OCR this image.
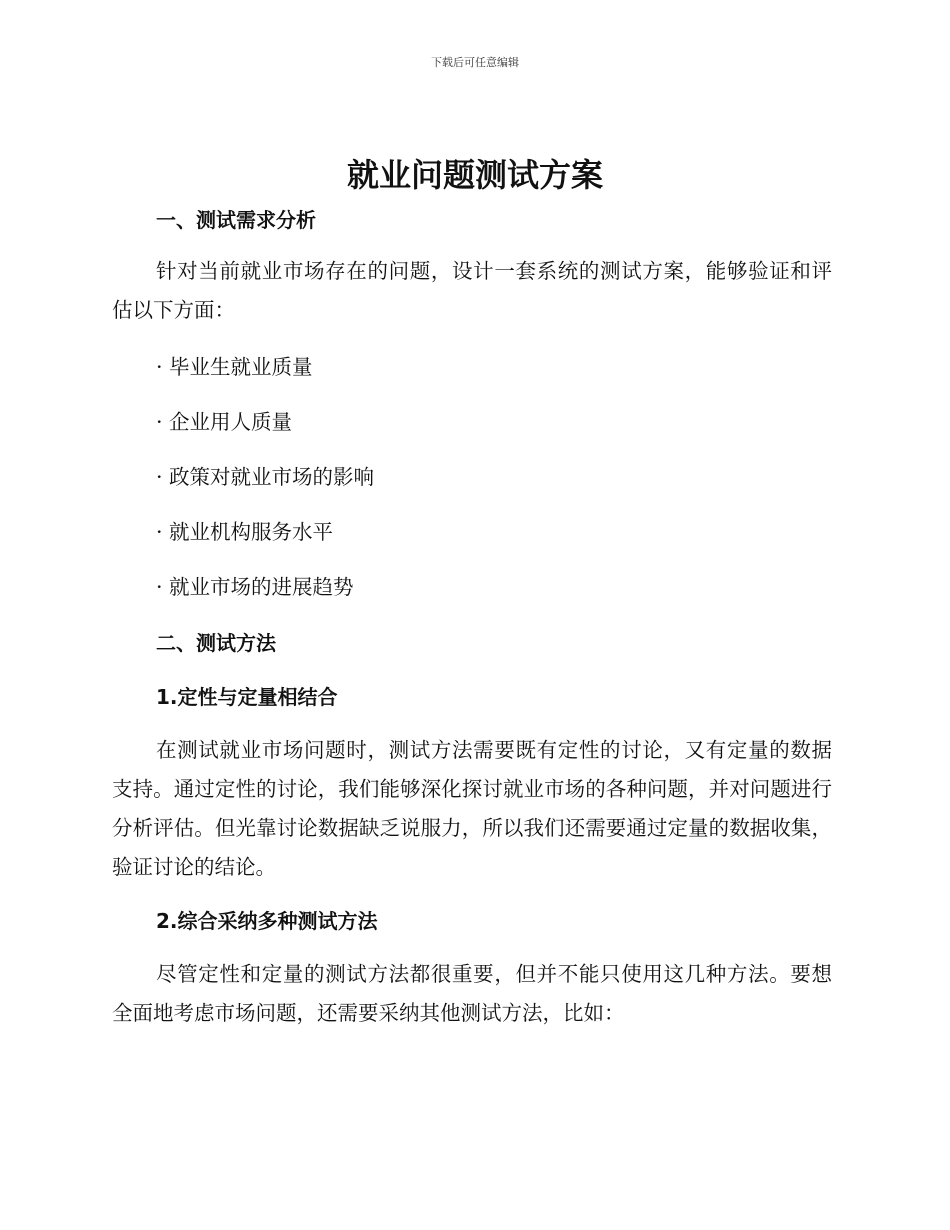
下载后可任意编辑
就业问题测试方案

一、测试需求分析

针对当前就业市场存在的问题，设计一套系统的测试方案，能够验证和评估以下方面：

· 毕业生就业质量

· 企业用人质量

· 政策对就业市场的影响

· 就业机构服务水平

· 就业市场的进展趋势

二、测试方法

1.定性与定量相结合

在测试就业市场问题时，测试方法需要既有定性的讨论，又有定量的数据支持。通过定性的讨论，我们能够深化探讨就业市场的各种问题，并对问题进行分析评估。但光靠讨论数据缺乏说服力，所以我们还需要通过定量的数据收集，验证讨论的结论。

2.综合采纳多种测试方法

尽管定性和定量的测试方法都很重要，但并不能只使用这几种方法。要想全面地考虑市场问题，还需要采纳其他测试方法，比如：
